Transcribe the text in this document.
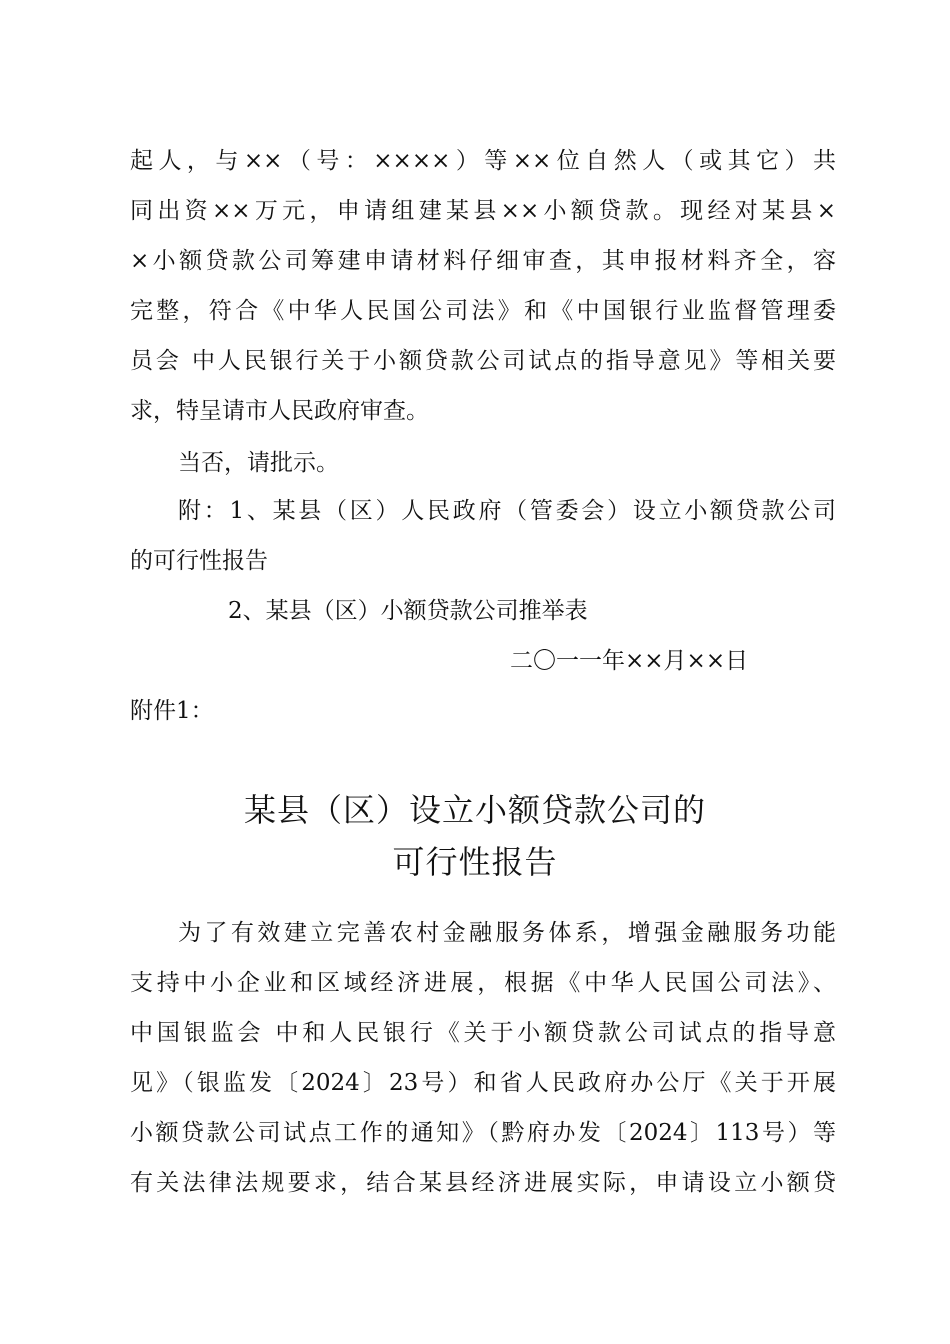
起人，与××（号：××××）等××位自然人（或其它）共
同出资××万元，申请组建某县××小额贷款。现经对某县×
×小额贷款公司筹建申请材料仔细审查，其申报材料齐全，容
完整，符合《中华人民国公司法》和《中国银行业监督管理委
员会 中人民银行关于小额贷款公司试点的指导意见》等相关要
求，特呈请市人民政府审查。
当否，请批示。
附：1、某县（区）人民政府（管委会）设立小额贷款公司
的可行性报告
2、某县（区）小额贷款公司推举表
二〇一一年××月××日
附件1：
某县（区）设立小额贷款公司的
可行性报告
为了有效建立完善农村金融服务体系，增强金融服务功能
支持中小企业和区域经济进展，根据《中华人民国公司法》、
中国银监会 中和人民银行《关于小额贷款公司试点的指导意
见》（银监发〔2024〕23号）和省人民政府办公厅《关于开展
小额贷款公司试点工作的通知》（黔府办发〔2024〕113号）等
有关法律法规要求，结合某县经济进展实际，申请设立小额贷
